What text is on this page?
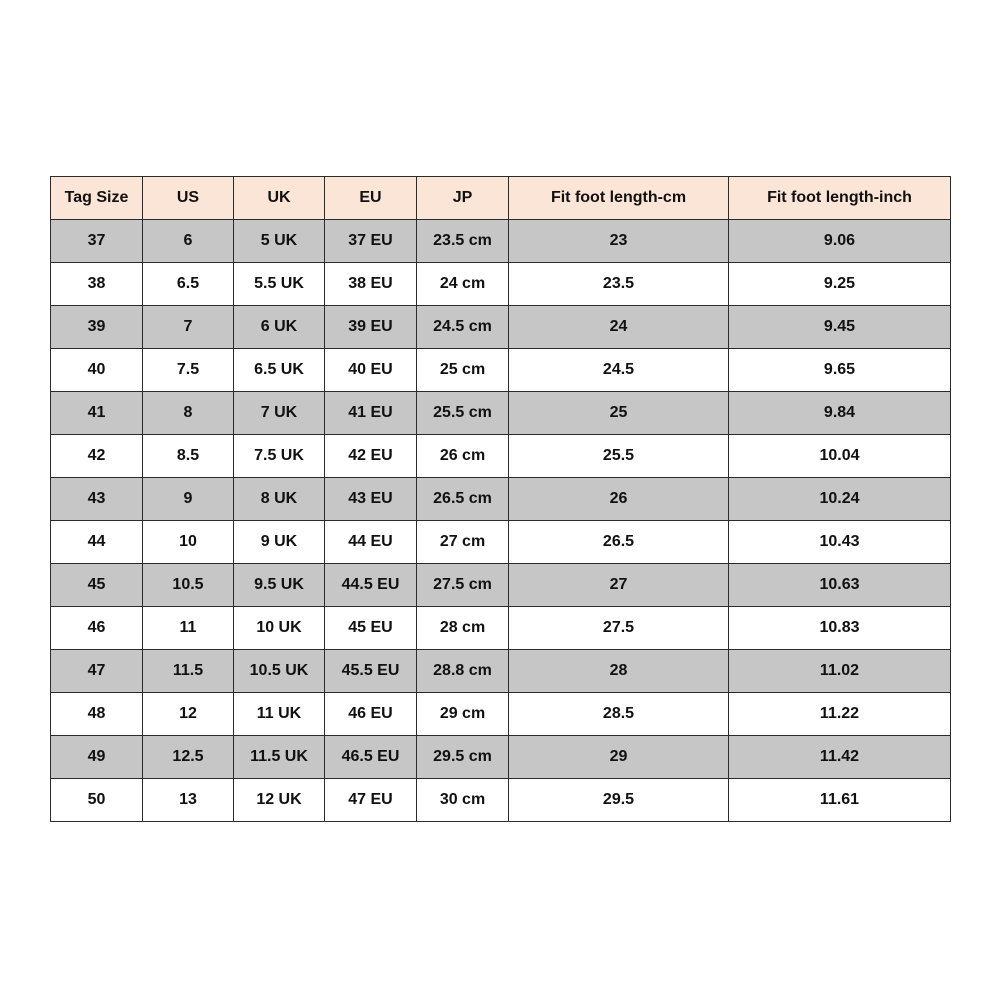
Tag Size	US	UK	EU	JP	Fit foot length-cm	Fit foot length-inch
37	6	5 UK	37 EU	23.5 cm	23	9.06
38	6.5	5.5 UK	38 EU	24 cm	23.5	9.25
39	7	6 UK	39 EU	24.5 cm	24	9.45
40	7.5	6.5 UK	40 EU	25 cm	24.5	9.65
41	8	7 UK	41 EU	25.5 cm	25	9.84
42	8.5	7.5 UK	42 EU	26 cm	25.5	10.04
43	9	8 UK	43 EU	26.5 cm	26	10.24
44	10	9 UK	44 EU	27 cm	26.5	10.43
45	10.5	9.5 UK	44.5 EU	27.5 cm	27	10.63
46	11	10 UK	45 EU	28 cm	27.5	10.83
47	11.5	10.5 UK	45.5 EU	28.8 cm	28	11.02
48	12	11 UK	46 EU	29 cm	28.5	11.22
49	12.5	11.5 UK	46.5 EU	29.5 cm	29	11.42
50	13	12 UK	47 EU	30 cm	29.5	11.61
